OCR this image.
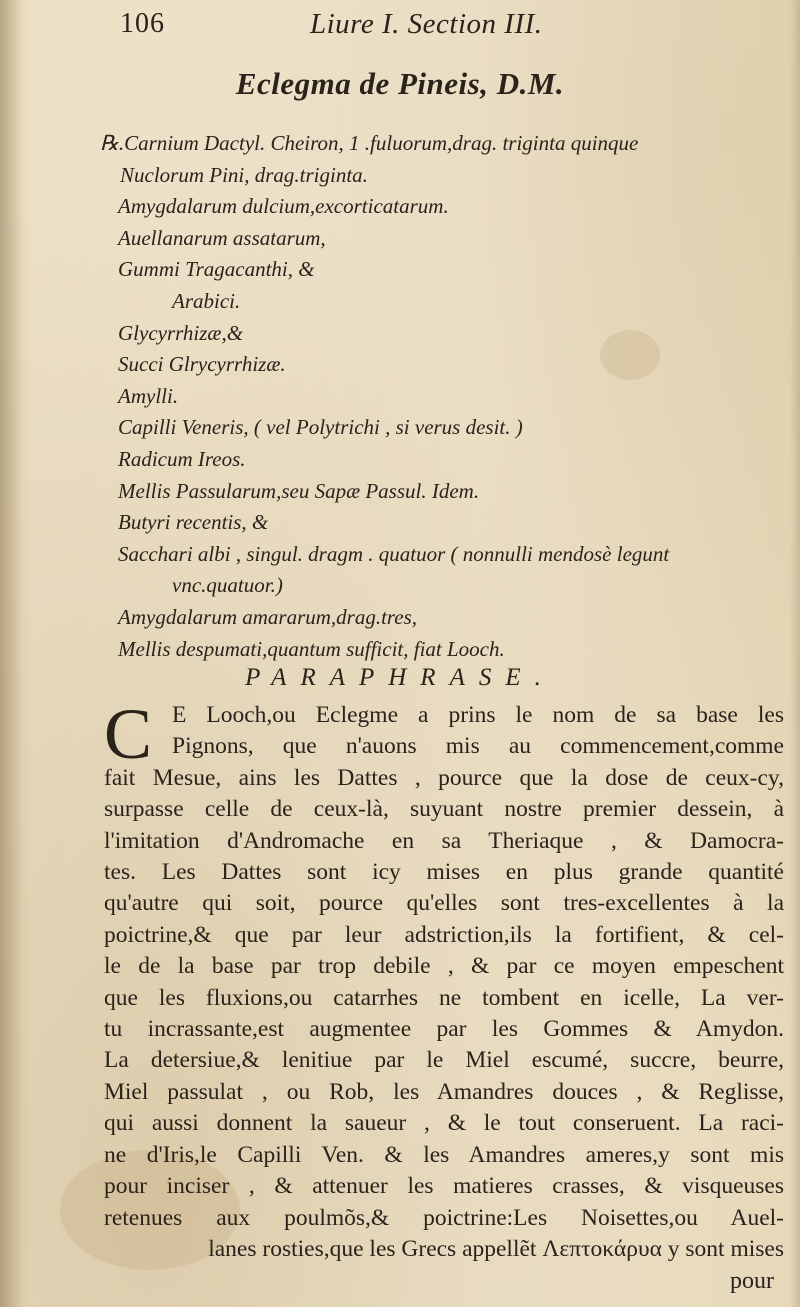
106	Liure I. Section III.
Eclegma de Pineis, D.M.
℞.Carnium Dactyl. Cheiron, 1 .fuluorum,drag. triginta quinque
Nuclorum Pini, drag.triginta.
Amygdalarum dulcium,excorticatarum.
Auellanarum assatarum,
Gummi Tragacanthi, &
Arabici.
Glycyrrhizæ,&
Succi Glrycyrrhizæ.
Amylli.
Capilli Veneris, ( vel Polytrichi , si verus desit. )
Radicum Ireos.
Mellis Passularum,seu Sapæ Passul. Idem.
Butyri recentis, &
Sacchari albi , singul. dragm . quatuor ( nonnulli mendosè legunt
vnc.quatuor.)
Amygdalarum amararum,drag.tres,
Mellis despumati,quantum sufficit, fiat Looch.
PARAPHRASE.
C E Looch,ou Eclegme a prins le nom de sa base les
Pignons, que n'auons mis au commencement,comme
fait Mesue, ains les Dattes , pource que la dose de ceux-cy,
surpasse celle de ceux-là, suyuant nostre premier dessein, à
l'imitation d'Andromache en sa Theriaque , & Damocra-
tes. Les Dattes sont icy mises en plus grande quantité
qu'autre qui soit, pource qu'elles sont tres-excellentes à la
poictrine,& que par leur adstriction,ils la fortifient, & cel-
le de la base par trop debile , & par ce moyen empeschent
que les fluxions,ou catarrhes ne tombent en icelle, La ver-
tu incrassante,est augmentee par les Gommes & Amydon.
La detersiue,& lenitiue par le Miel escumé, succre, beurre,
Miel passulat , ou Rob, les Amandres douces , & Reglisse,
qui aussi donnent la saueur , & le tout conseruent. La raci-
ne d'Iris,le Capilli Ven. & les Amandres ameres,y sont mis
pour inciser , & attenuer les matieres crasses, & visqueuses
retenues aux poulmõs,& poictrine:Les Noisettes,ou Auel-
lanes rosties,que les Grecs appellẽt Λεπτοκάρυα y sont mises
pour
